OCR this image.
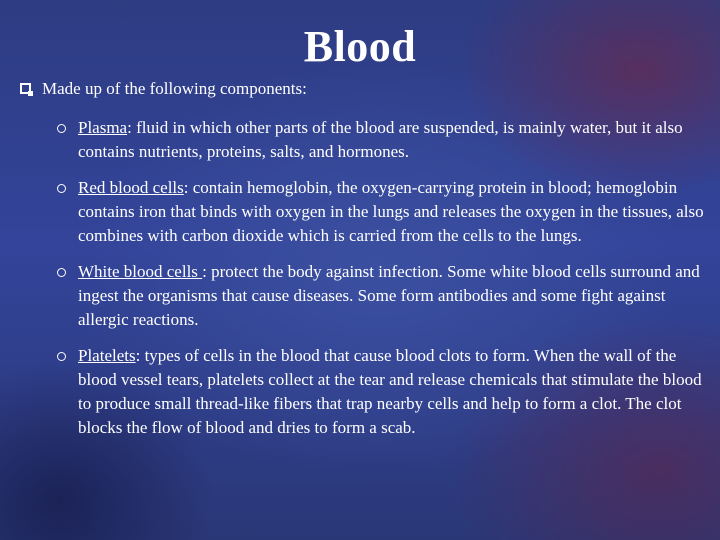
Blood
Made up of the following components:
Plasma: fluid in which other parts of the blood are suspended, is mainly water, but it also contains nutrients, proteins, salts, and hormones.
Red blood cells: contain hemoglobin, the oxygen-carrying protein in blood; hemoglobin contains iron that binds with oxygen in the lungs and releases the oxygen in the tissues, also combines with carbon dioxide which is carried from the cells to the lungs.
White blood cells : protect the body against infection. Some white blood cells surround and ingest the organisms that cause diseases. Some form antibodies and some fight against allergic reactions.
Platelets: types of cells in the blood that cause blood clots to form. When the wall of the blood vessel tears, platelets collect at the tear and release chemicals that stimulate the blood to produce small thread-like fibers that trap nearby cells and help to form a clot. The clot blocks the flow of blood and dries to form a scab.
